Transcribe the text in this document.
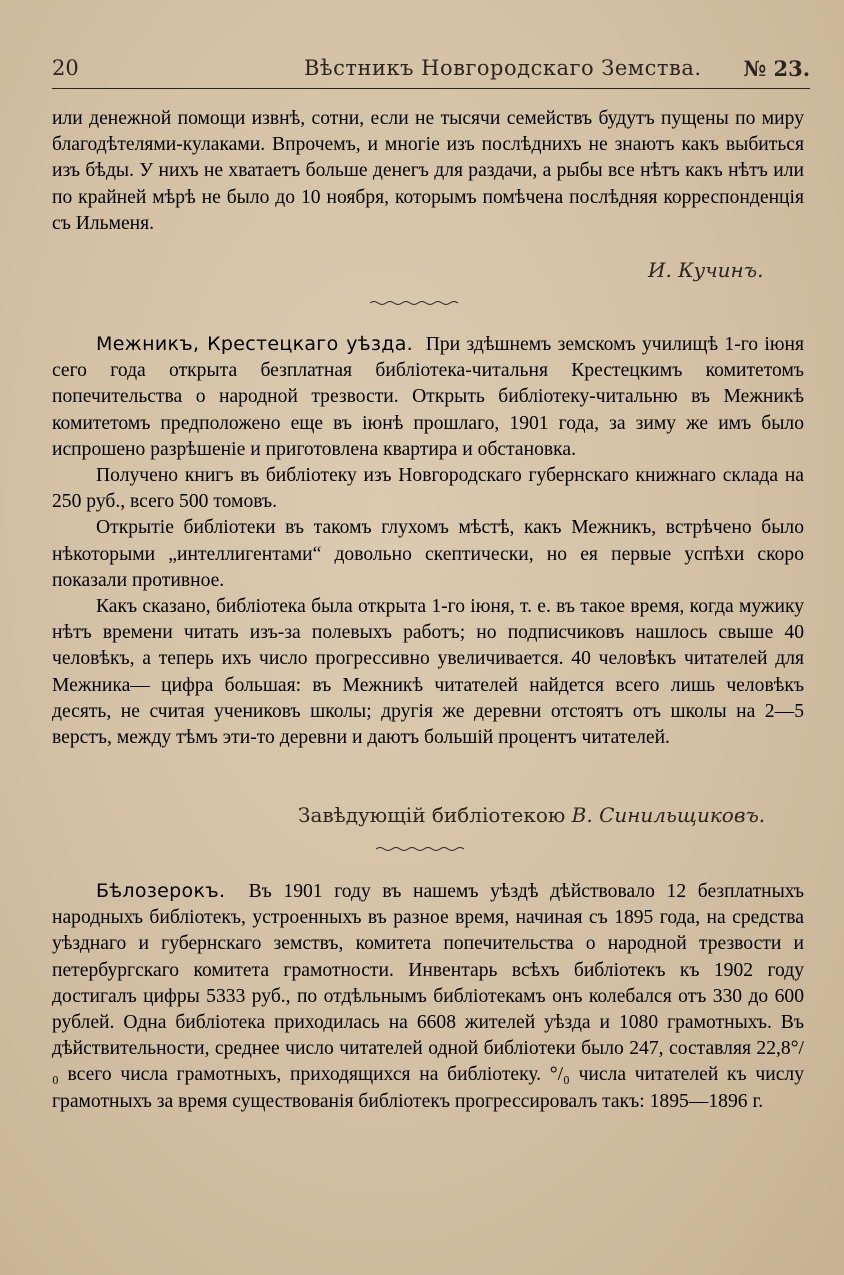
20	Вѣстникъ Новгородскаго Земства. № 23.

или денежной помощи извнѣ, сотни, если не тысячи семействъ будутъ пущены по миру благодѣтелями-кулаками. Впрочемъ, и многіе изъ послѣднихъ не знаютъ какъ выбиться изъ бѣды. У нихъ не хватаетъ больше денегъ для раздачи, а рыбы все нѣтъ какъ нѣтъ или по крайней мѣрѣ не было до 10 ноября, которымъ помѣчена послѣдняя корреспонденція съ Ильменя.

И. Кучинъ.

Межникъ, Крестецкаго уѣзда. При здѣшнемъ земскомъ училищѣ 1-го іюня сего года открыта безплатная библіотека-читальня Крестецкимъ комитетомъ попечительства о народной трезвости. Открыть библіотеку-читальню въ Межникѣ комитетомъ предположено еще въ іюнѣ прошлаго, 1901 года, за зиму же имъ было испрошено разрѣшеніе и приготовлена квартира и обстановка.

Получено книгъ въ библіотеку изъ Новгородскаго губернскаго книжнаго склада на 250 руб., всего 500 томовъ.

Открытіе библіотеки въ такомъ глухомъ мѣстѣ, какъ Межникъ, встрѣчено было нѣкоторыми „интеллигентами“ довольно скептически, но ея первые успѣхи скоро показали противное.

Какъ сказано, библіотека была открыта 1-го іюня, т. е. въ такое время, когда мужику нѣтъ времени читать изъ-за полевыхъ работъ; но подписчиковъ нашлось свыше 40 человѣкъ, а теперь ихъ число прогрессивно увеличивается. 40 человѣкъ читателей для Межника— цифра большая: въ Межникѣ читателей найдется всего лишь человѣкъ десять, не считая учениковъ школы; другія же деревни отстоятъ отъ школы на 2—5 верстъ, между тѣмъ эти-то деревни и даютъ большій процентъ читателей.

Завѣдующій библіотекою В. Синильщиковъ.

Бѣлозерокъ. Въ 1901 году въ нашемъ уѣздѣ дѣйствовало 12 безплатныхъ народныхъ библіотекъ, устроенныхъ въ разное время, начиная съ 1895 года, на средства уѣзднаго и губернскаго земствъ, комитета попечительства о народной трезвости и петербургскаго комитета грамотности. Инвентарь всѣхъ библіотекъ къ 1902 году достигалъ цифры 5333 руб., по отдѣльнымъ библіотекамъ онъ колебался отъ 330 до 600 рублей. Одна библіотека приходилась на 6608 жителей уѣзда и 1080 грамотныхъ. Въ дѣйствительности, среднее число читателей одной библіотеки было 247, составляя 22,8°/₀ всего числа грамотныхъ, приходящихся на библіотеку. °/₀ числа читателей къ числу грамотныхъ за время существованія библіотекъ прогрессировалъ такъ: 1895—1896 г.
